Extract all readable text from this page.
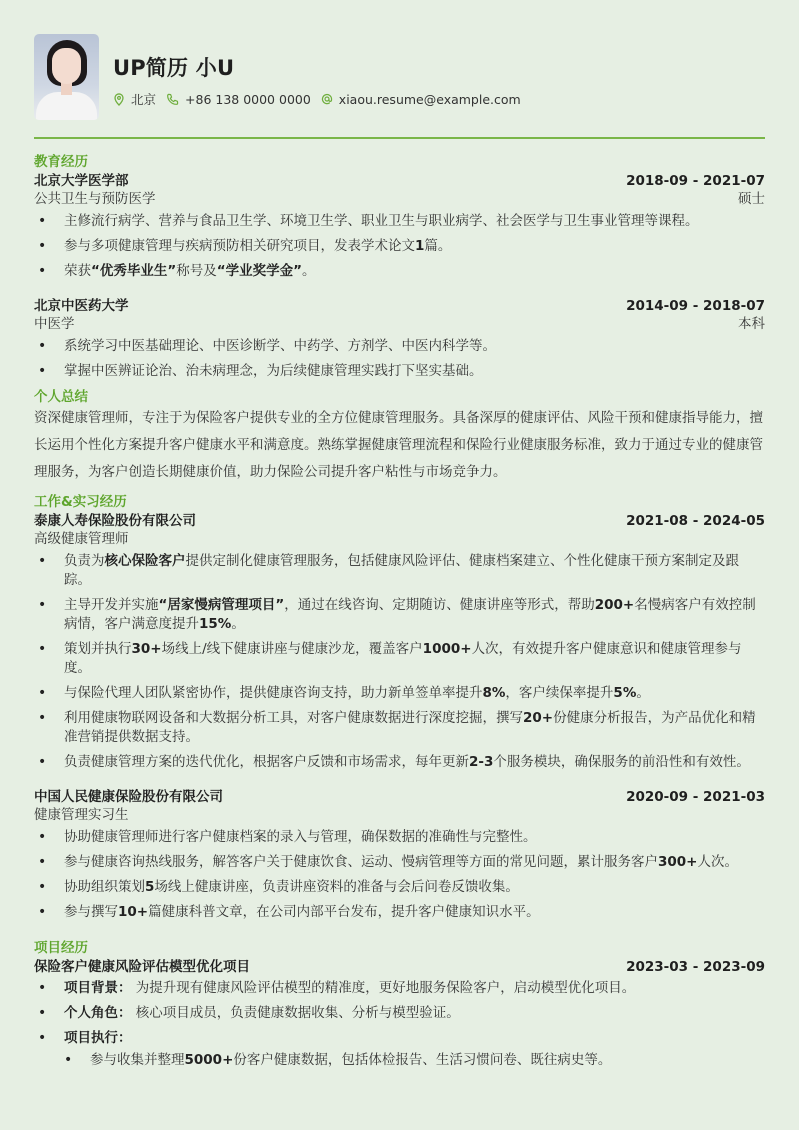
UP简历 小U
北京 +86 138 0000 0000 xiaou.resume@example.com
教育经历
北京大学医学部	2018-09 - 2021-07
公共卫生与预防医学	硕士
• 主修流行病学、营养与食品卫生学、环境卫生学、职业卫生与职业病学、社会医学与卫生事业管理等课程。
• 参与多项健康管理与疾病预防相关研究项目，发表学术论文1篇。
• 荣获“优秀毕业生”称号及“学业奖学金”。
北京中医药大学	2014-09 - 2018-07
中医学	本科
• 系统学习中医基础理论、中医诊断学、中药学、方剂学、中医内科学等。
• 掌握中医辨证论治、治未病理念，为后续健康管理实践打下坚实基础。
个人总结
资深健康管理师，专注于为保险客户提供专业的全方位健康管理服务。具备深厚的健康评估、风险干预和健康指导能力，擅长运用个性化方案提升客户健康水平和满意度。熟练掌握健康管理流程和保险行业健康服务标准，致力于通过专业的健康管理服务，为客户创造长期健康价值，助力保险公司提升客户粘性与市场竞争力。
工作&实习经历
泰康人寿保险股份有限公司	2021-08 - 2024-05
高级健康管理师
• 负责为核心保险客户提供定制化健康管理服务，包括健康风险评估、健康档案建立、个性化健康干预方案制定及跟踪。
• 主导开发并实施“居家慢病管理项目”，通过在线咨询、定期随访、健康讲座等形式，帮助200+名慢病客户有效控制病情，客户满意度提升15%。
• 策划并执行30+场线上/线下健康讲座与健康沙龙，覆盖客户1000+人次，有效提升客户健康意识和健康管理参与度。
• 与保险代理人团队紧密协作，提供健康咨询支持，助力新单签单率提升8%，客户续保率提升5%。
• 利用健康物联网设备和大数据分析工具，对客户健康数据进行深度挖掘，撰写20+份健康分析报告，为产品优化和精准营销提供数据支持。
• 负责健康管理方案的迭代优化，根据客户反馈和市场需求，每年更新2-3个服务模块，确保服务的前沿性和有效性。
中国人民健康保险股份有限公司	2020-09 - 2021-03
健康管理实习生
• 协助健康管理师进行客户健康档案的录入与管理，确保数据的准确性与完整性。
• 参与健康咨询热线服务，解答客户关于健康饮食、运动、慢病管理等方面的常见问题，累计服务客户300+人次。
• 协助组织策划5场线上健康讲座，负责讲座资料的准备与会后问卷反馈收集。
• 参与撰写10+篇健康科普文章，在公司内部平台发布，提升客户健康知识水平。
项目经历
保险客户健康风险评估模型优化项目	2023-03 - 2023-09
• 项目背景： 为提升现有健康风险评估模型的精准度，更好地服务保险客户，启动模型优化项目。
• 个人角色： 核心项目成员，负责健康数据收集、分析与模型验证。
• 项目执行：
• 参与收集并整理5000+份客户健康数据，包括体检报告、生活习惯问卷、既往病史等。
